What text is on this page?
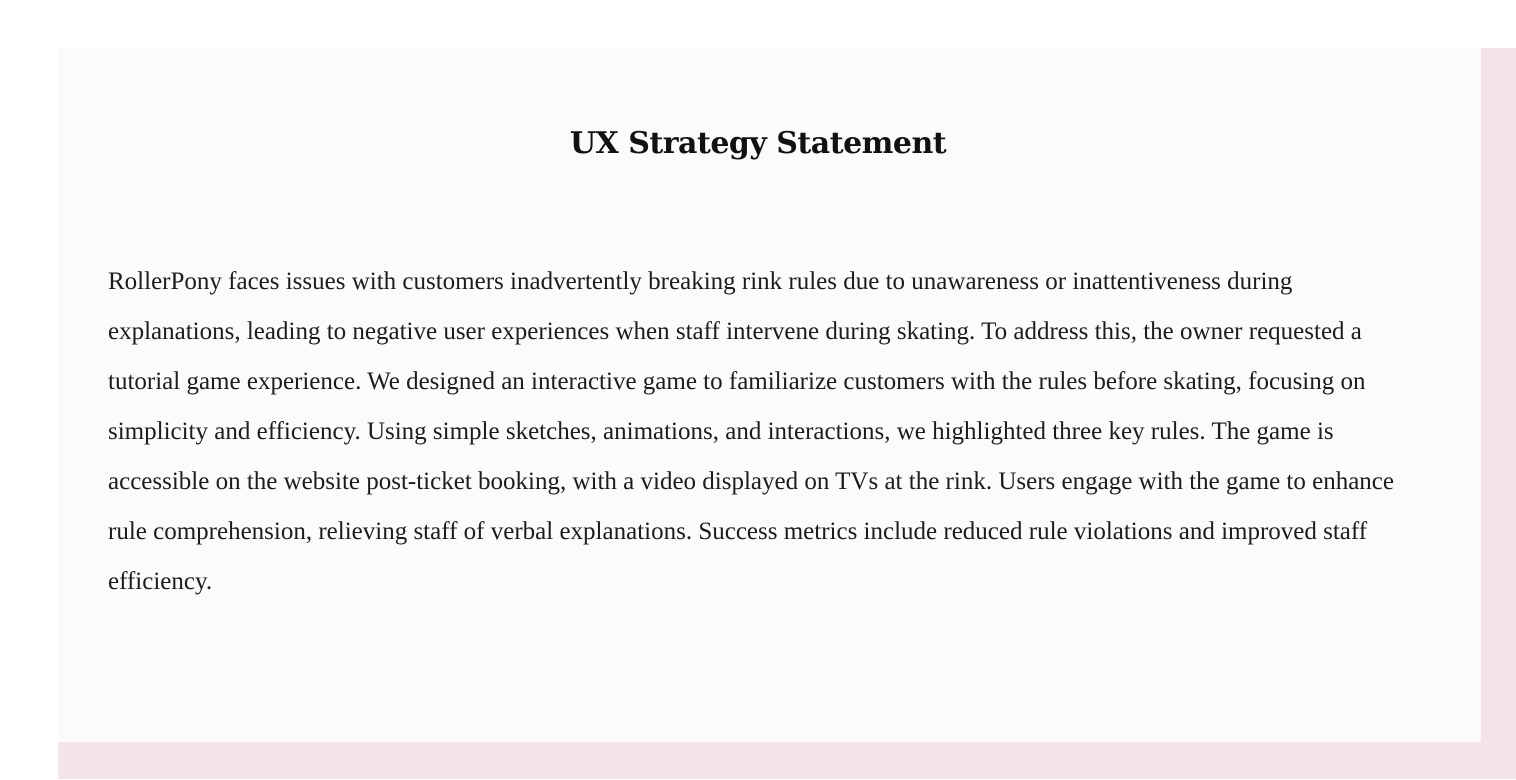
UX Strategy Statement

RollerPony faces issues with customers inadvertently breaking rink rules due to unawareness or inattentiveness during explanations, leading to negative user experiences when staff intervene during skating. To address this, the owner requested a tutorial game experience. We designed an interactive game to familiarize customers with the rules before skating, focusing on simplicity and efficiency. Using simple sketches, animations, and interactions, we highlighted three key rules. The game is accessible on the website post-ticket booking, with a video displayed on TVs at the rink. Users engage with the game to enhance rule comprehension, relieving staff of verbal explanations. Success metrics include reduced rule violations and improved staff efficiency.
